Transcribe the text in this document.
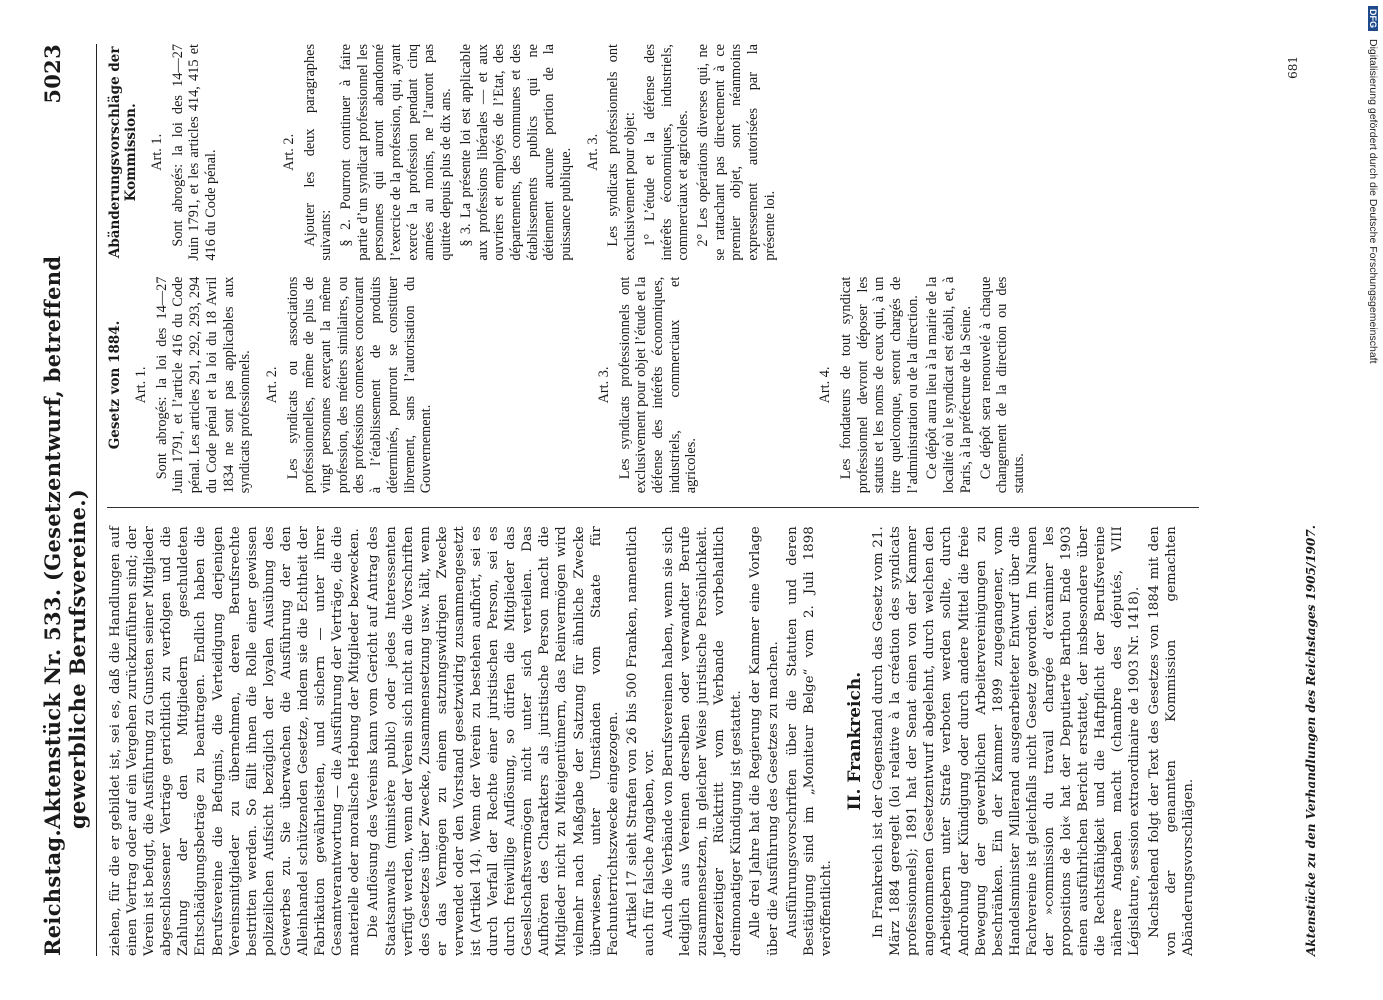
Reichstag.
Aktenstück Nr. 533. (Gesetzentwurf, betreffend gewerbliche Berufsvereine.)
5023

ziehen, für die er gebildet ist, sei es, daß die Handlungen auf einen Vertrag oder auf ein Vergehen zurückzuführen sind; der Verein ist befugt, die Ausführung zu Gunsten seiner Mitglieder abgeschlossener Verträge gerichtlich zu verfolgen und die Zahlung der den Mitgliedern geschuldeten Entschädigungsbeträge zu beantragen. Endlich haben die Berufsvereine die Befugnis, die Verteidigung derjenigen Vereinsmitglieder zu übernehmen, deren Berufsrechte bestritten werden. So fällt ihnen die Rolle einer gewissen polizeilichen Aufsicht bezüglich der loyalen Ausübung des Gewerbes zu. Sie überwachen die Ausführung der den Alleinhandel schützenden Gesetze, indem sie die Echtheit der Fabrikation gewährleisten, und sichern — unter ihrer Gesamtverantwortung — die Ausführung der Verträge, die die materielle oder moralische Hebung der Mitglieder bezwecken. Die Auflösung des Vereins kann vom Gericht auf Antrag des Staatsanwalts (ministère public) oder jedes Interessenten verfügt werden, wenn der Verein sich nicht an die Vorschriften des Gesetzes über Zwecke, Zusammensetzung usw. hält, wenn er das Vermögen zu einem satzungswidrigen Zwecke verwendet oder den Vorstand gesetzwidrig zusammengesetzt ist (Artikel 14). Wenn der Verein zu bestehen aufhört, sei es durch Verfall der Rechte einer juristischen Person, sei es durch freiwillige Auflösung, so dürfen die Mitglieder das Gesellschaftsvermögen nicht unter sich verteilen. Das Aufhören des Charakters als juristische Person macht die Mitglieder nicht zu Miteigentümern, das Reinvermögen wird vielmehr nach Maßgabe der Satzung für ähnliche Zwecke überwiesen, unter Umständen vom Staate für Fachunterrichtszwecke eingezogen. Artikel 17 sieht Strafen von 26 bis 500 Franken, namentlich auch für falsche Angaben, vor. Auch die Verbände von Berufsvereinen haben, wenn sie sich lediglich aus Vereinen derselben oder verwandter Berufe zusammensetzen, in gleicher Weise juristische Persönlichkeit. Jederzeitiger Rücktritt vom Verbande vorbehaltlich dreimonatiger Kündigung ist gestattet. Alle drei Jahre hat die Regierung der Kammer eine Vorlage über die Ausführung des Gesetzes zu machen. Ausführungsvorschriften über die Statuten und deren Bestätigung sind im „Moniteur Belge“ vom 2. Juli 1898 veröffentlicht.

II. Frankreich. In Frankreich ist der Gegenstand durch das Gesetz vom 21. März 1884 geregelt (loi relative à la création des syndicats professionnels); 1891 hat der Senat einen von der Kammer angenommenen Gesetzentwurf abgelehnt, durch welchen den Arbeitgebern unter Strafe verboten werden sollte, durch Androhung der Kündigung oder durch andere Mittel die freie Bewegung der gewerblichen Arbeitervereinigungen zu beschränken. Ein der Kammer 1899 zugegangener, vom Handelsminister Millerand ausgearbeiteter Entwurf über die Fachvereine ist gleichfalls nicht Gesetz geworden. Im Namen der »commission du travail chargée d’examiner les propositions de loi« hat der Deputierte Barthou Ende 1903 einen ausführlichen Bericht erstattet, der insbesondere über die Rechtsfähigkeit und die Haftpflicht der Berufsvereine nähere Angaben macht (chambre des députés, VIII Législature, session extraordinaire de 1903 Nr. 1418). Nachstehend folgt der Text des Gesetzes von 1884 mit den von der genannten Kommission gemachten Abänderungsvorschlägen.

Gesetz von 1884. Art. 1. Sont abrogés: la loi des 14—27 Juin 1791, et l’article 416 du Code pénal. Les articles 291, 292, 293, 294 du Code pénal et la loi du 18 Avril 1834 ne sont pas applicables aux syndicats professionnels. Art. 2. Les syndicats ou associations professionnelles, même de plus de vingt personnes exerçant la même profession, des métiers similaires, ou des professions connexes concourant à l’établissement de produits déterminés, pourront se constituer librement, sans l’autorisation du Gouvernement.

Art. 3. Les syndicats professionnels ont exclusivement pour objet l’étude et la défense des intérêts économiques, industriels, commerciaux et agricoles.

Art. 4. Les fondateurs de tout syndicat professionnel devront déposer les statuts et les noms de ceux qui, à un titre quelconque, seront chargés de l’administration ou de la direction. Ce dépôt aura lieu à la mairie de la localité où le syndicat est établi, et, à Paris, à la préfecture de la Seine. Ce dépôt sera renouvelé à chaque changement de la direction ou des statuts.

Abänderungsvorschläge der Kommission. Art. 1. Sont abrogés: la loi des 14—27 Juin 1791, et les articles 414, 415 et 416 du Code pénal.	Art. 2. Ajouter les deux paragraphes suivants: § 2. Pourront continuer à faire partie d’un syndicat professionnel les personnes qui auront abandonné l’exercice de la profession, qui, ayant exercé la profession pendant cinq années au moins, ne l’auront pas quittée depuis plus de dix ans. § 3. La présente loi est applicable aux professions libérales — et aux ouvriers et employés de l’Etat, des départements, des communes et des établissements publics qui ne détiennent aucune portion de la puissance publique. Art. 3. Les syndicats professionnels ont exclusivement pour objet: 1° L’étude et la défense des intérêts économiques, industriels, commerciaux et agricoles. 2° Les opérations diverses qui, ne se rattachant pas directement à ce premier objet, sont néanmoins expressement autorisées par la présente loi.

Aktenstücke zu den Verhandlungen des Reichstages 1905/1907.
681
DFG
Digitalisierung gefördert durch die Deutsche Forschungsgemeinschaft
